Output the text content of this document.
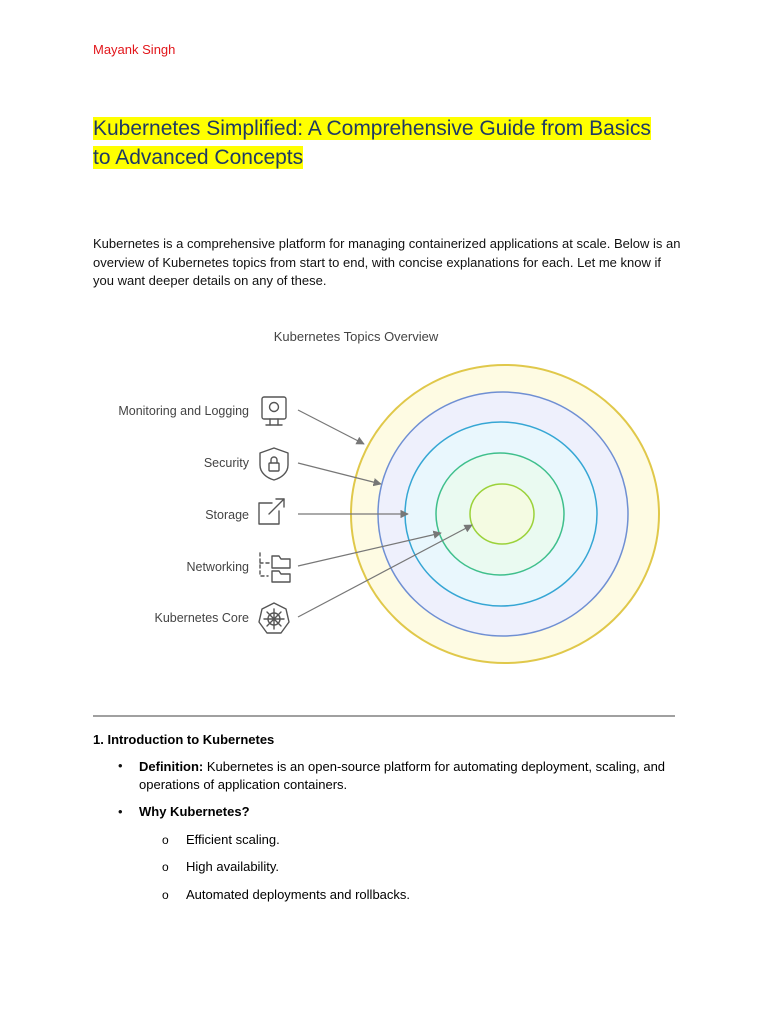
Mayank Singh
Kubernetes Simplified: A Comprehensive Guide from Basics
to Advanced Concepts
Kubernetes is a comprehensive platform for managing containerized applications at scale. Below is an overview of Kubernetes topics from start to end, with concise explanations for each. Let me know if you want deeper details on any of these.
Kubernetes Topics Overview
Monitoring and Logging
Security
Storage
Networking
Kubernetes Core
1. Introduction to Kubernetes
• Definition: Kubernetes is an open-source platform for automating deployment, scaling, and operations of application containers.
• Why Kubernetes?
o Efficient scaling.
o High availability.
o Automated deployments and rollbacks.
